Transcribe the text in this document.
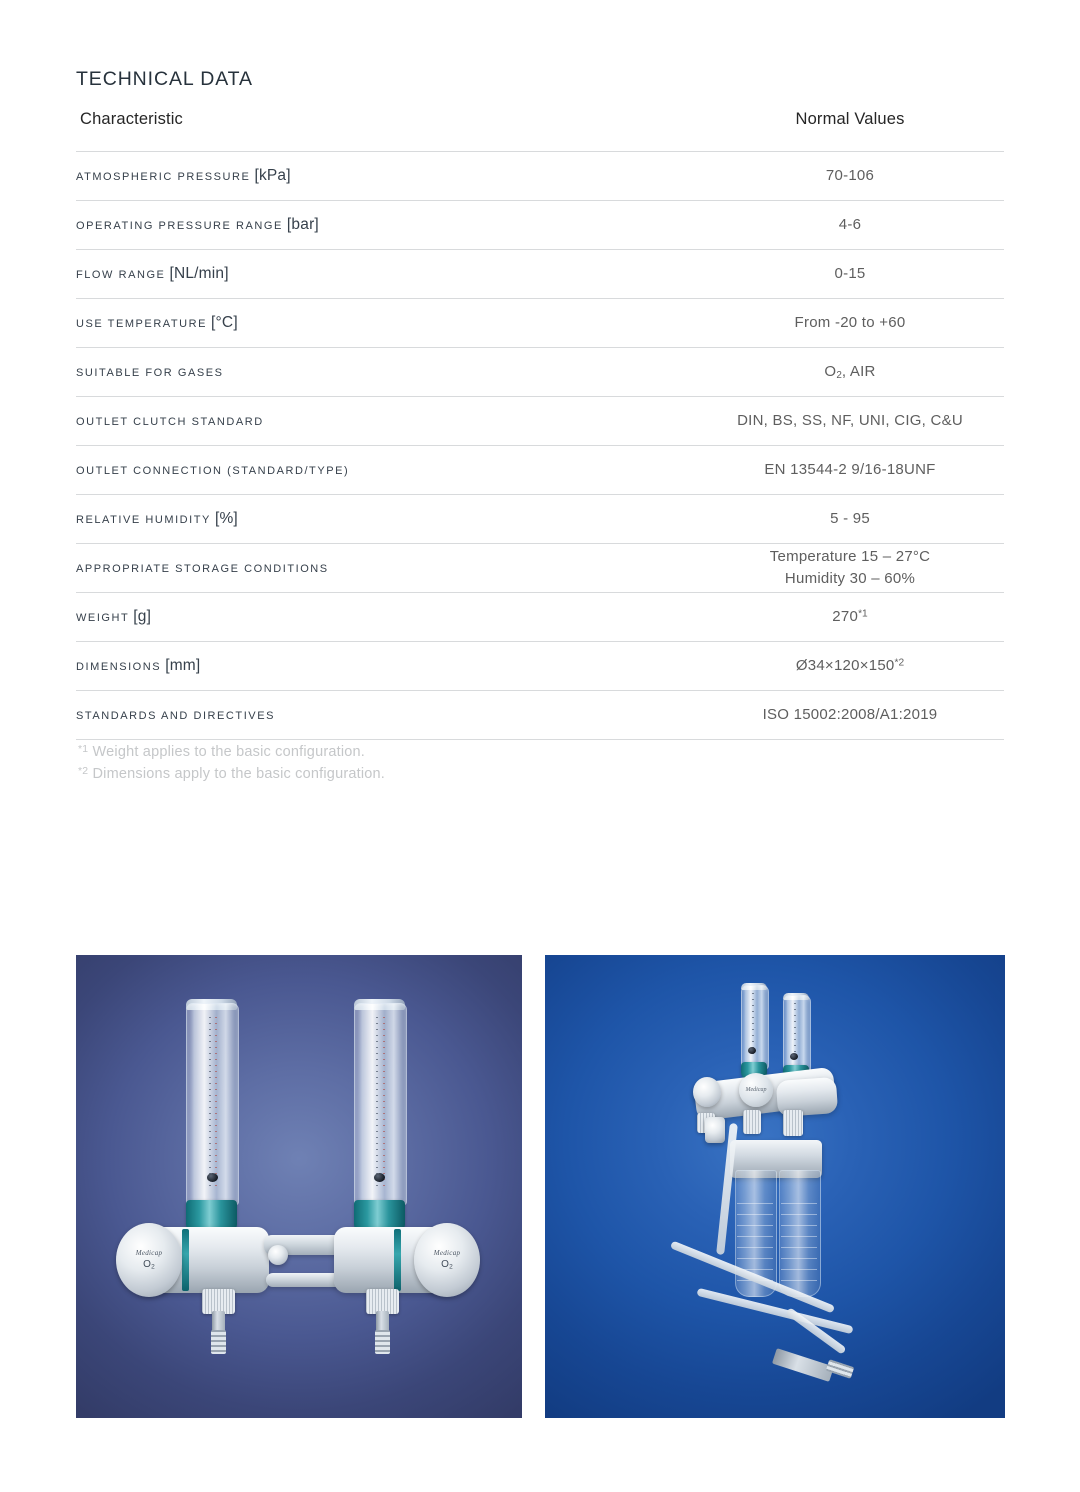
TECHNICAL DATA
Characteristic	Normal Values
ATMOSPHERIC PRESSURE [kPa]	70-106
OPERATING PRESSURE RANGE [bar]	4-6
FLOW RANGE [NL/min]	0-15
USE TEMPERATURE [°C]	From -20 to +60
SUITABLE FOR GASES	$O_2$, AIR
OUTLET CLUTCH STANDARD	DIN, BS, SS, NF, UNI, CIG, C&U
OUTLET CONNECTION (STANDARD/TYPE)	EN 13544-2 9/16-18UNF
RELATIVE HUMIDITY [%]	5 - 95
APPROPRIATE STORAGE CONDITIONS	Temperature 15 – 27°C
Humidity 30 – 60%

WEIGHT [g]	270$^{*1}$
DIMENSIONS [mm]	Ø34×120×150$^{*2}$
STANDARDS AND DIRECTIVES	ISO 15002:2008/A1:2019

$^{*1}$ Weight applies to the basic configuration.
$^{*2}$ Dimensions apply to the basic configuration.
Medicap
$O_2$
Medicap
$O_2$
Medicap
